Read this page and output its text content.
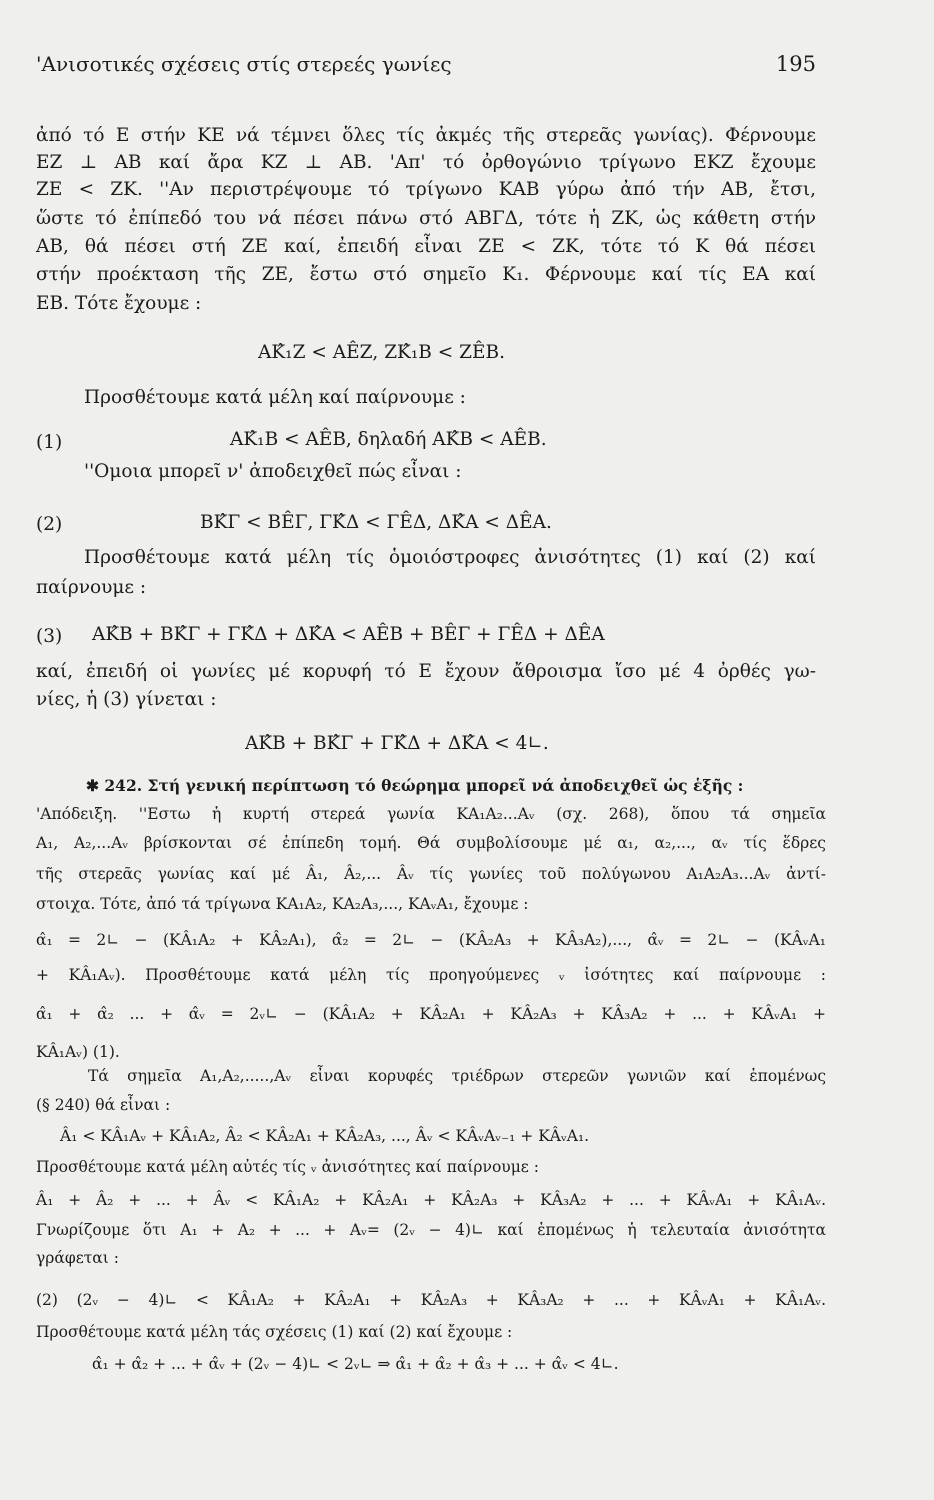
'Ανισοτικές σχέσεις στίς στερεές γωνίες	195
ἀπό τό Ε στήν ΚΕ νά τέμνει ὅλες τίς ἀκμές τῆς στερεᾶς γωνίας). Φέρνουμε
ΕΖ ⊥ ΑΒ καί ἄρα ΚΖ ⊥ ΑΒ. 'Απ' τό ὀρθογώνιο τρίγωνο ΕΚΖ ἔχουμε
ΖΕ < ΖΚ. ''Αν περιστρέψουμε τό τρίγωνο ΚΑΒ γύρω ἀπό τήν ΑΒ, ἔτσι,
ὥστε τό ἐπίπεδό του νά πέσει πάνω στό ΑΒΓΔ, τότε ἡ ΖΚ, ὡς κάθετη στήν
ΑΒ, θά πέσει στή ΖΕ καί, ἐπειδή εἶναι ΖΕ < ΖΚ, τότε τό Κ θά πέσει
στήν προέκταση τῆς ΖΕ, ἔστω στό σημεῖο Κ₁. Φέρνουμε καί τίς ΕΑ καί
ΕΒ. Τότε ἔχουμε :
ΑΚ̂₁Ζ < ΑÊΖ, ΖΚ̂₁Β < ΖÊΒ.
Προσθέτουμε κατά μέλη καί παίρνουμε :
(1)	ΑΚ̂₁Β < ΑÊΒ, δηλαδή ΑΚ̂Β < ΑÊΒ.
''Ομοια μπορεῖ ν' ἀποδειχθεῖ πώς εἶναι :
(2)	ΒΚ̂Γ < ΒÊΓ, ΓΚ̂Δ < ΓÊΔ, ΔΚ̂Α < ΔÊΑ.
Προσθέτουμε κατά μέλη τίς ὁμοιόστροφες ἀνισότητες (1) καί (2) καί
παίρνουμε :
(3) ΑΚ̂Β + ΒΚ̂Γ + ΓΚ̂Δ + ΔΚ̂Α < ΑÊΒ + ΒÊΓ + ΓÊΔ + ΔÊΑ
καί, ἐπειδή οἱ γωνίες μέ κορυφή τό Ε ἔχουν ἄθροισμα ἴσο μέ 4 ὀρθές γω-
νίες, ἡ (3) γίνεται :
ΑΚ̂Β + ΒΚ̂Γ + ΓΚ̂Δ + ΔΚ̂Α < 4∟.
✱ 242. Στή γενική περίπτωση τό θεώρημα μπορεῖ νά ἀποδειχθεῖ ὡς ἑξῆς :
'Απόδειξη. ''Εστω ἡ κυρτή στερεά γωνία ΚΑ₁Α₂...Αᵥ (σχ. 268), ὅπου τά σημεῖα
Α₁, Α₂,...Αᵥ βρίσκονται σέ ἐπίπεδη τομή. Θά συμβολίσουμε μέ α₁, α₂,..., αᵥ τίς ἕδρες
τῆς στερεᾶς γωνίας καί μέ Â₁, Â₂,... Âᵥ τίς γωνίες τοῦ πολύγωνου Α₁Α₂Α₃...Αᵥ ἀντί-
στοιχα. Τότε, ἀπό τά τρίγωνα ΚΑ₁Α₂, ΚΑ₂Α₃,..., ΚΑᵥΑ₁, ἔχουμε :
α̂₁ = 2∟ − (ΚÂ₁Α₂ + ΚÂ₂Α₁), α̂₂ = 2∟ − (ΚÂ₂Α₃ + ΚÂ₃Α₂),..., α̂ᵥ = 2∟ − (ΚÂᵥΑ₁
+ ΚÂ₁Αᵥ). Προσθέτουμε κατά μέλη τίς προηγούμενες ᵥ ἰσότητες καί παίρνουμε :
α̂₁ + α̂₂ ... + α̂ᵥ = 2ᵥ∟ − (ΚÂ₁Α₂ + ΚÂ₂Α₁ + ΚÂ₂Α₃ + ΚÂ₃Α₂ + ... + ΚÂᵥΑ₁ +
ΚÂ₁Αᵥ) (1).
Τά σημεῖα Α₁,Α₂,.....,Αᵥ εἶναι κορυφές τριέδρων στερεῶν γωνιῶν καί ἑπομένως
(§ 240) θά εἶναι :
Â₁ < ΚÂ₁Αᵥ + ΚÂ₁Α₂, Â₂ < ΚÂ₂Α₁ + ΚÂ₂Α₃, ..., Âᵥ < ΚÂᵥΑᵥ₋₁ + ΚÂᵥΑ₁.
Προσθέτουμε κατά μέλη αὐτές τίς ᵥ ἀνισότητες καί παίρνουμε :
Â₁ + Â₂ + ... + Âᵥ < ΚÂ₁Α₂ + ΚÂ₂Α₁ + ΚÂ₂Α₃ + ΚÂ₃Α₂ + ... + ΚÂᵥΑ₁ + ΚÂ₁Αᵥ.
Γνωρίζουμε ὅτι Α₁ + Α₂ + ... + Αᵥ= (2ᵥ − 4)∟ καί ἑπομένως ἡ τελευταία ἀνισότητα
γράφεται :
(2) (2ᵥ − 4)∟ < ΚÂ₁Α₂ + ΚÂ₂Α₁ + ΚÂ₂Α₃ + ΚÂ₃Α₂ + ... + ΚÂᵥΑ₁ + ΚÂ₁Αᵥ.
Προσθέτουμε κατά μέλη τάς σχέσεις (1) καί (2) καί ἔχουμε :
α̂₁ + α̂₂ + ... + α̂ᵥ + (2ᵥ − 4)∟ < 2ᵥ∟ ⇒ α̂₁ + α̂₂ + α̂₃ + ... + α̂ᵥ < 4∟.
